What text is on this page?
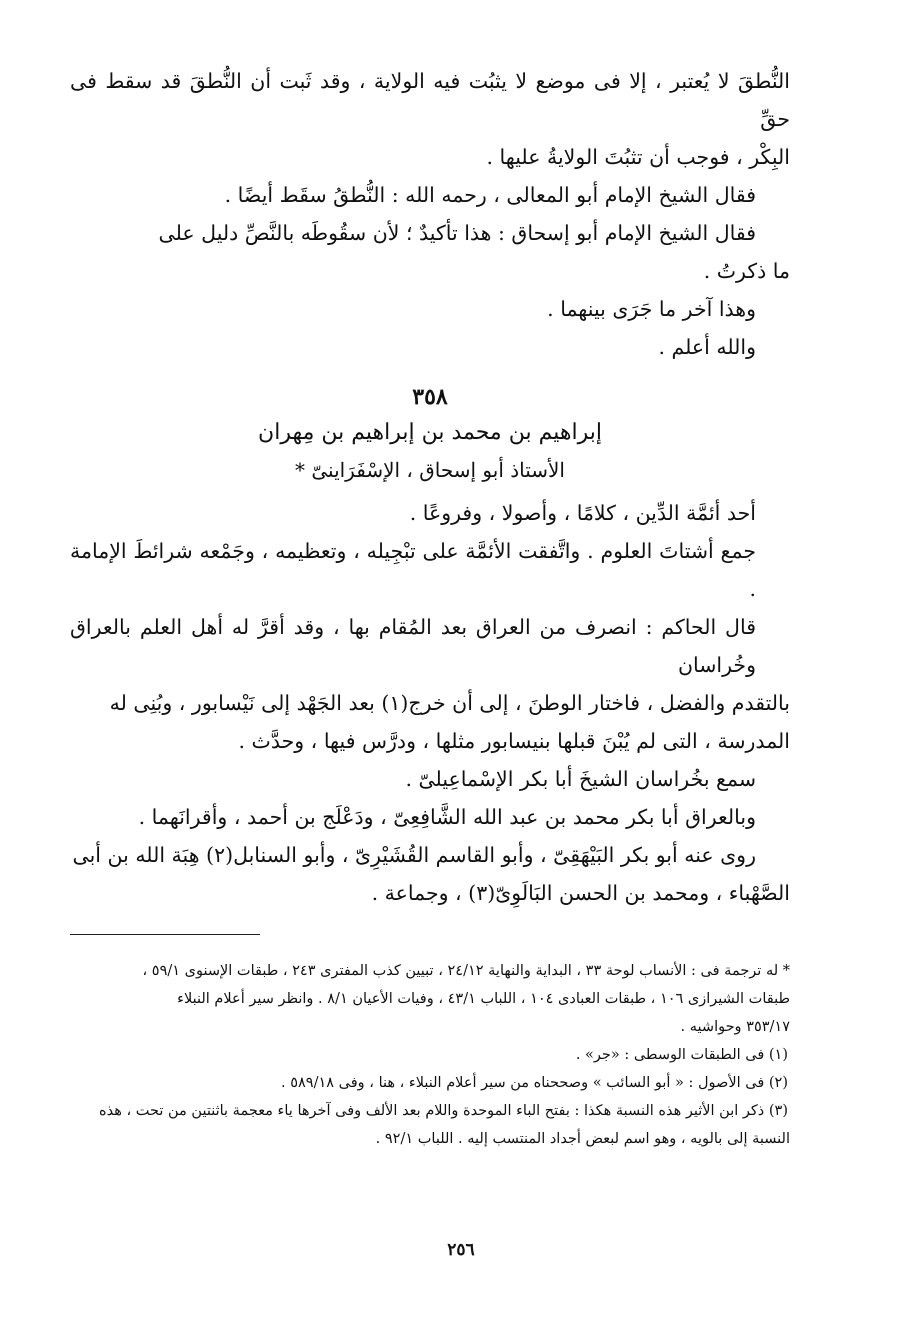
النُّطقَ لا يُعتبر ، إلا فى موضع لا يثبُت فيه الولاية ، وقد ثَبت أن النُّطقَ قد سقط فى حقِّ

البِكْر ، فوجب أن تثبُتَ الولايةُ عليها .

فقال الشيخ الإمام أبو المعالى ، رحمه الله : النُّطقُ سقَط أيضًا .

فقال الشيخ الإمام أبو إسحاق : هذا تأكيدٌ ؛ لأن سقُوطَه بالنَّصِّ دليل على

ما ذكرتُ .

وهذا آخر ما جَرَى بينهما .

والله أعلم .

٣٥٨

إبراهيم بن محمد بن إبراهيم بن مِهران

الأستاذ أبو إسحاق ، الإسْفَرَاينىّ *

أحد أئمَّة الدِّين ، كلامًا ، وأصولا ، وفروعًا .

جمع أشتاتَ العلوم . واتَّفقت الأئمَّة على تبْجِيله ، وتعظيمه ، وجَمْعه شرائطَ الإمامة .

قال الحاكم : انصرف من العراق بعد المُقام بها ، وقد أقرَّ له أهل العلم بالعراق وخُراسان

بالتقدم والفضل ، فاختار الوطنَ ، إلى أن خرج(١) بعد الجَهْد إلى نَيْسابور ، وبُنِى له

المدرسة ، التى لم يُبْنَ قبلها بنيسابور مثلها ، ودرَّس فيها ، وحدَّث .

سمع بخُراسان الشيخَ أبا بكر الإسْماعِيلىّ .

وبالعراق أبا بكر محمد بن عبد الله الشَّافِعِىّ ، ودَعْلَج بن أحمد ، وأقرانَهما .

روى عنه أبو بكر البَيْهَقِىّ ، وأبو القاسم القُشَيْرِىّ ، وأبو السنابل(٢) هِبَة الله بن أبى

الصَّهْباء ، ومحمد بن الحسن البَالَوِىّ(٣) ، وجماعة .

* له ترجمة فى : الأنساب لوحة ٣٣ ، البداية والنهاية ٢٤/١٢ ، تبيين كذب المفترى ٢٤٣ ، طبقات الإسنوى ٥٩/١ ،

طبقات الشيرازى ١٠٦ ، طبقات العبادى ١٠٤ ، اللباب ٤٣/١ ، وفيات الأعيان ٨/١ . وانظر سير أعلام النبلاء

٣٥٣/١٧ وحواشيه .

(١) فى الطبقات الوسطى : «جر» .

(٢) فى الأصول : « أبو السائب » وصححناه من سير أعلام النبلاء ، هنا ، وفى ٥٨٩/١٨ .

(٣) ذكر ابن الأثير هذه النسبة هكذا : بفتح الباء الموحدة واللام بعد الألف وفى آخرها ياء معجمة باثنتين من تحت ، هذه

النسبة إلى بالويه ، وهو اسم لبعض أجداد المنتسب إليه . اللباب ٩٢/١ .

٢٥٦
